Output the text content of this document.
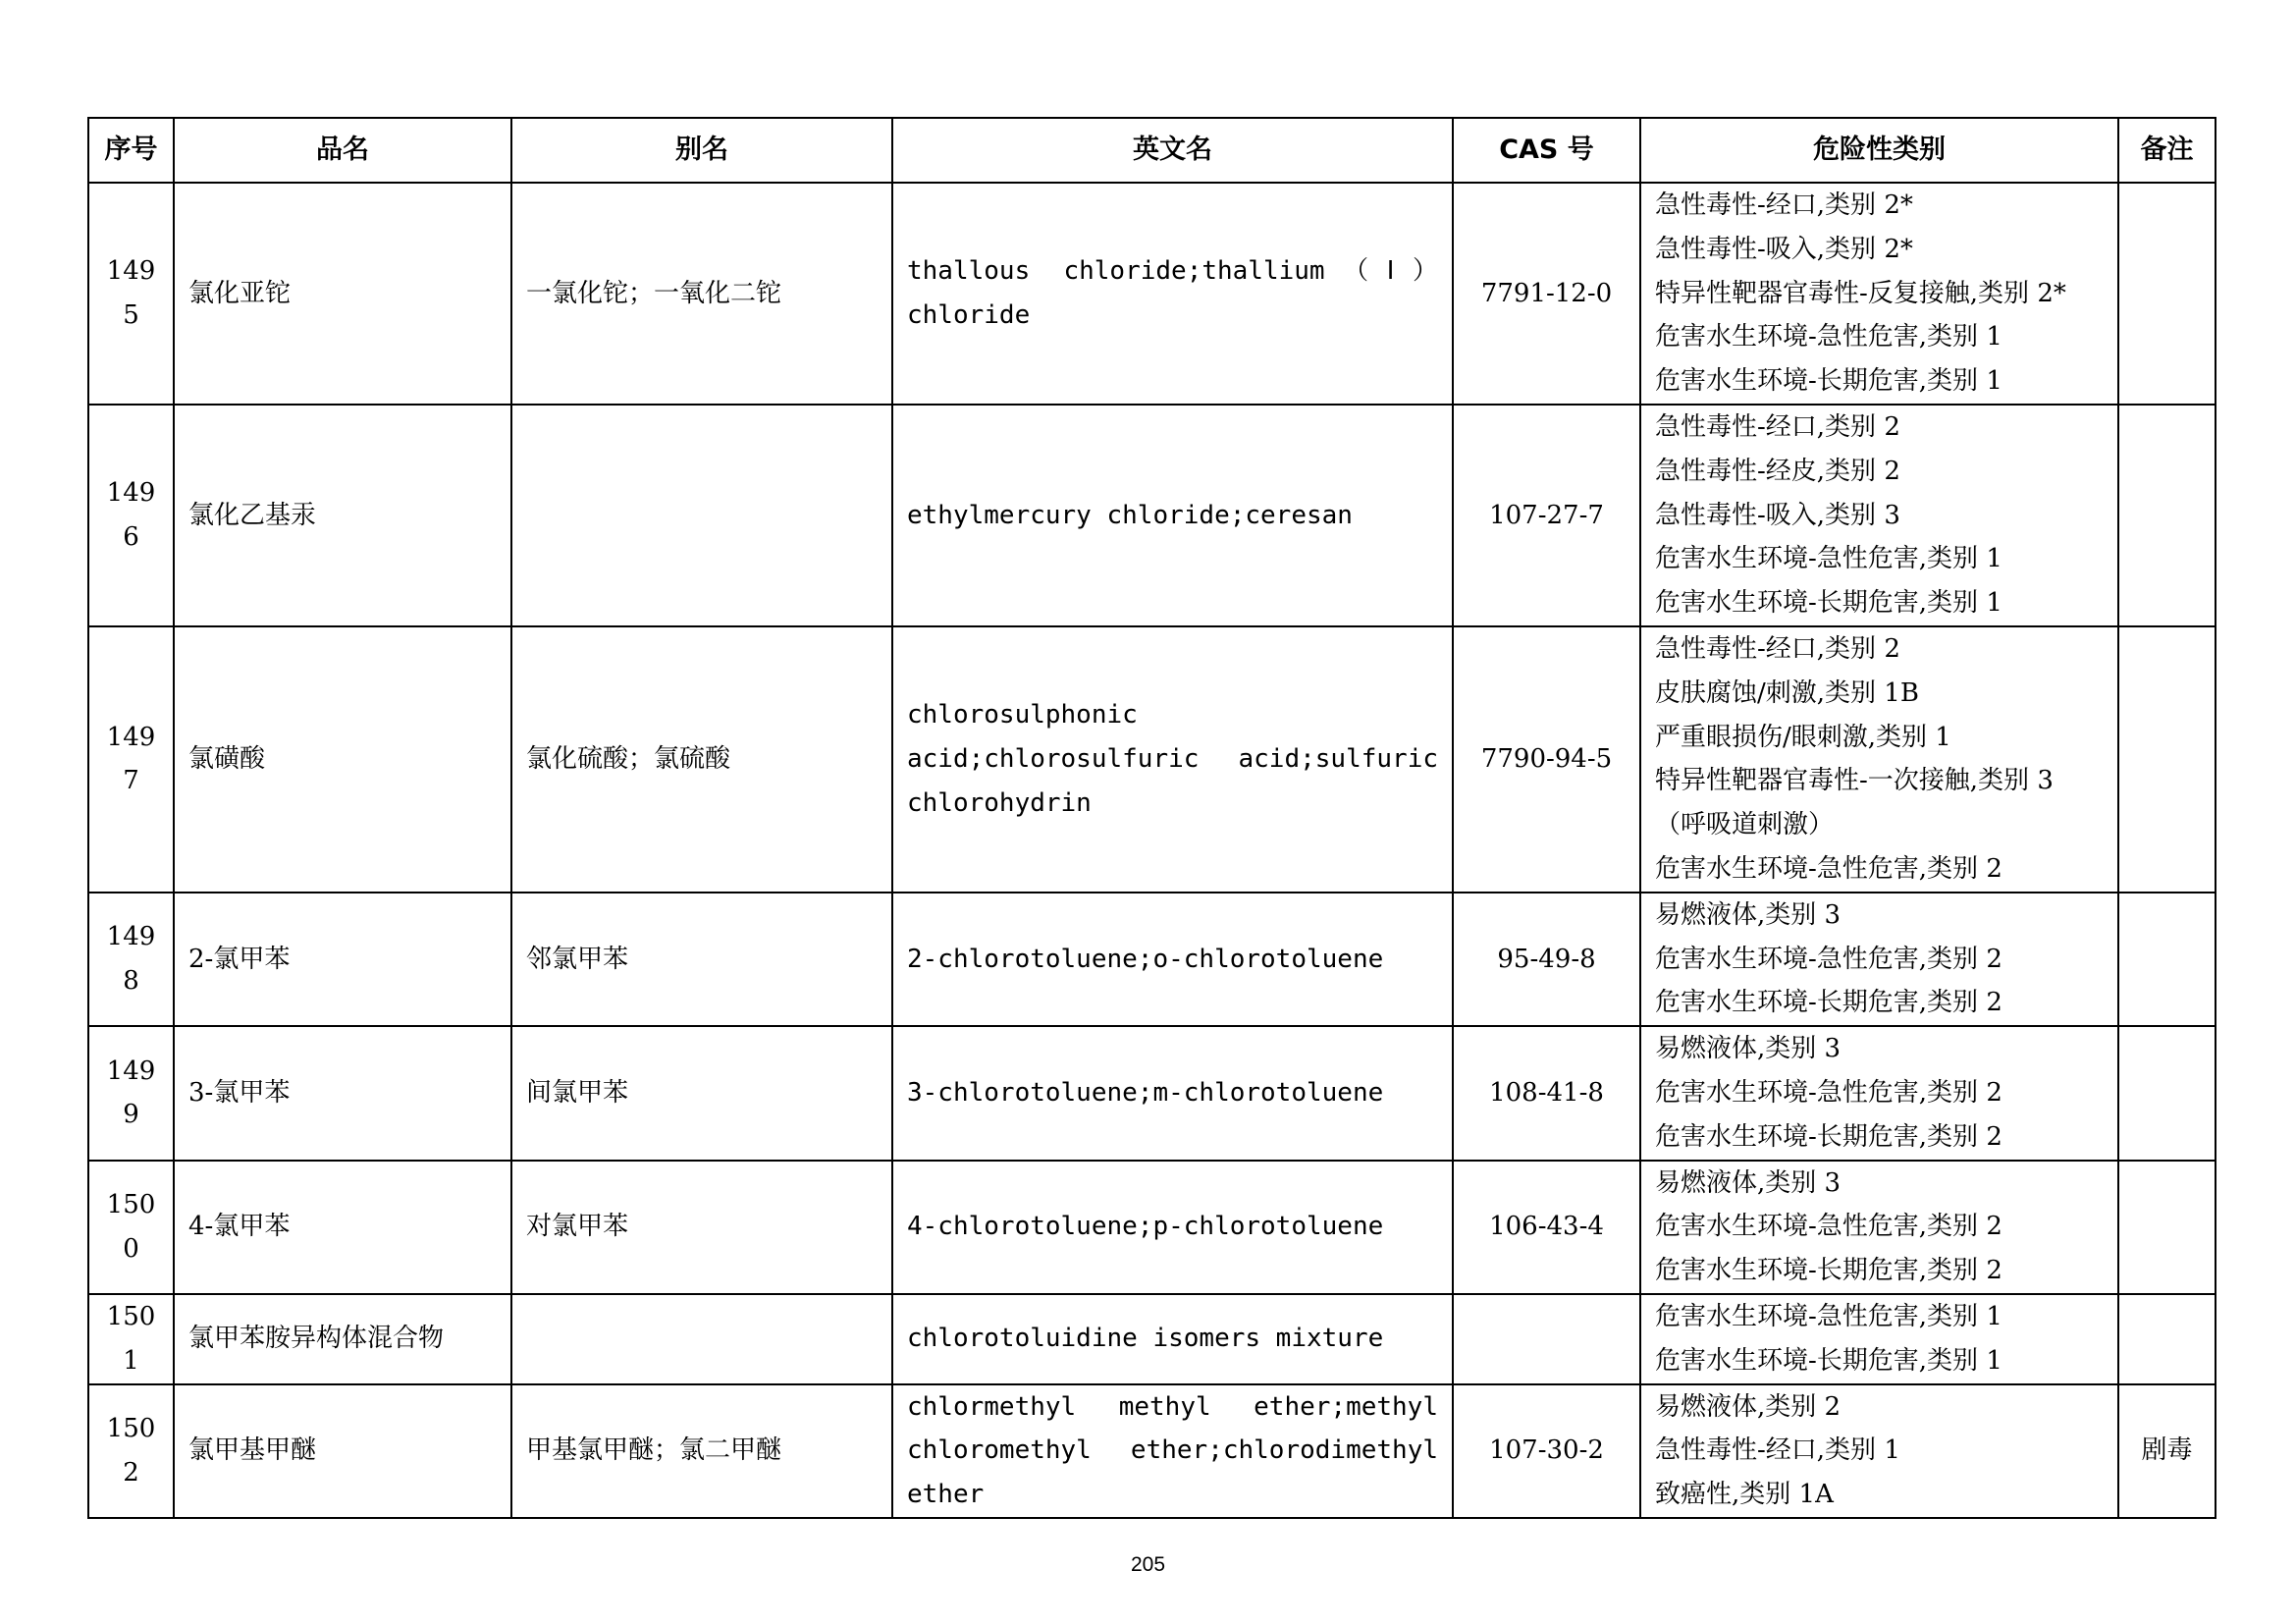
序号	品名	别名	英文名	CAS 号	危险性类别	备注
1495	氯化亚铊	一氯化铊；一氧化二铊	thallous chloride;thallium（Ⅰ）chloride	7791-12-0	急性毒性-经口,类别 2*
急性毒性-吸入,类别 2*
特异性靶器官毒性-反复接触,类别 2*
危害水生环境-急性危害,类别 1
危害水生环境-长期危害,类别 1	

1496	氯化乙基汞		ethylmercury chloride;ceresan	107-27-7	急性毒性-经口,类别 2
急性毒性-经皮,类别 2
急性毒性-吸入,类别 3
危害水生环境-急性危害,类别 1
危害水生环境-长期危害,类别 1	

1497	氯磺酸	氯化硫酸；氯硫酸	chlorosulphonic acid;chlorosulfuric acid;sulfuric chlorohydrin	7790-94-5	急性毒性-经口,类别 2
皮肤腐蚀/刺激,类别 1B
严重眼损伤/眼刺激,类别 1
特异性靶器官毒性-一次接触,类别 3（呼吸道刺激）
危害水生环境-急性危害,类别 2	

1498	2-氯甲苯	邻氯甲苯	2-chlorotoluene;o-chlorotoluene	95-49-8	易燃液体,类别 3
危害水生环境-急性危害,类别 2
危害水生环境-长期危害,类别 2	

1499	3-氯甲苯	间氯甲苯	3-chlorotoluene;m-chlorotoluene	108-41-8	易燃液体,类别 3
危害水生环境-急性危害,类别 2
危害水生环境-长期危害,类别 2	

1500	4-氯甲苯	对氯甲苯	4-chlorotoluene;p-chlorotoluene	106-43-4	易燃液体,类别 3
危害水生环境-急性危害,类别 2
危害水生环境-长期危害,类别 2	

1501	氯甲苯胺异构体混合物		chlorotoluidine isomers mixture		危害水生环境-急性危害,类别 1
危害水生环境-长期危害,类别 1	

1502	氯甲基甲醚	甲基氯甲醚；氯二甲醚	chlormethyl methyl ether;methyl chloromethyl ether;chlorodimethyl ether	107-30-2	易燃液体,类别 2
急性毒性-经口,类别 1
致癌性,类别 1A	剧毒
205
